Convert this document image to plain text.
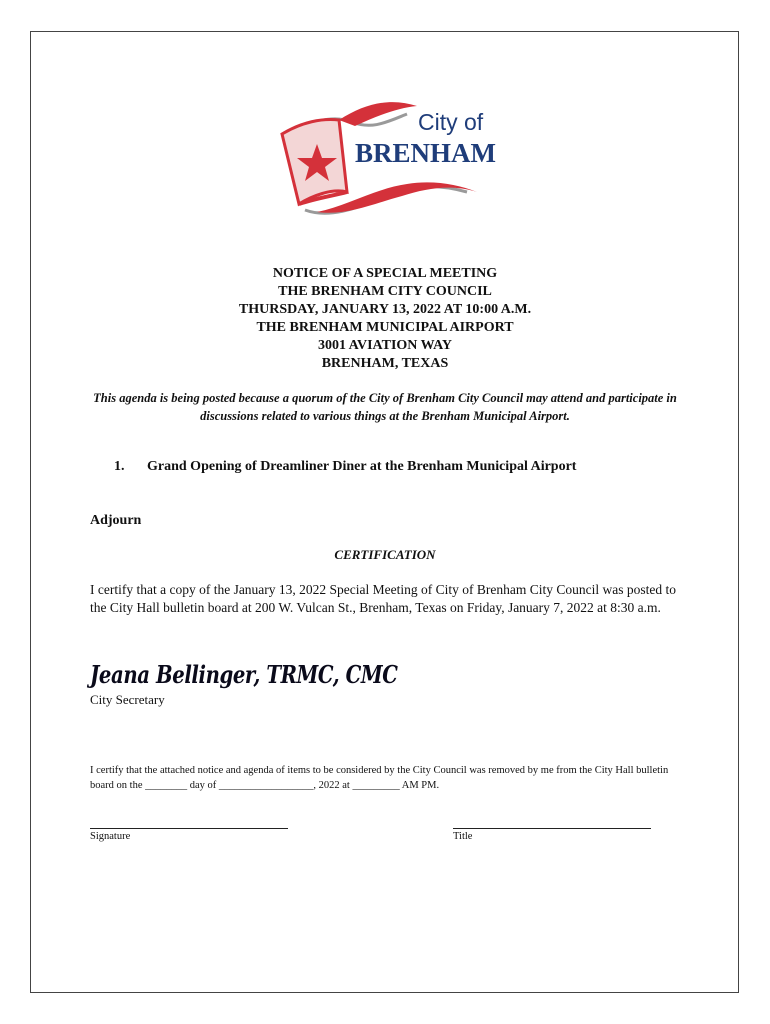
City of
BRENHAM
NOTICE OF A SPECIAL MEETING
THE BRENHAM CITY COUNCIL
THURSDAY, JANUARY 13, 2022 AT 10:00 A.M.
THE BRENHAM MUNICIPAL AIRPORT
3001 AVIATION WAY
BRENHAM, TEXAS
This agenda is being posted because a quorum of the City of Brenham City Council may attend and participate in discussions related to various things at the Brenham Municipal Airport.
1. Grand Opening of Dreamliner Diner at the Brenham Municipal Airport
Adjourn
CERTIFICATION
I certify that a copy of the January 13, 2022 Special Meeting of City of Brenham City Council was posted to the City Hall bulletin board at 200 W. Vulcan St., Brenham, Texas on Friday, January 7, 2022 at 8:30 a.m.
Jeana Bellinger, TRMC, CMC
City Secretary
I certify that the attached notice and agenda of items to be considered by the City Council was removed by me from the City Hall bulletin board on the ________ day of __________________, 2022 at _________ AM PM.
Signature	Title
